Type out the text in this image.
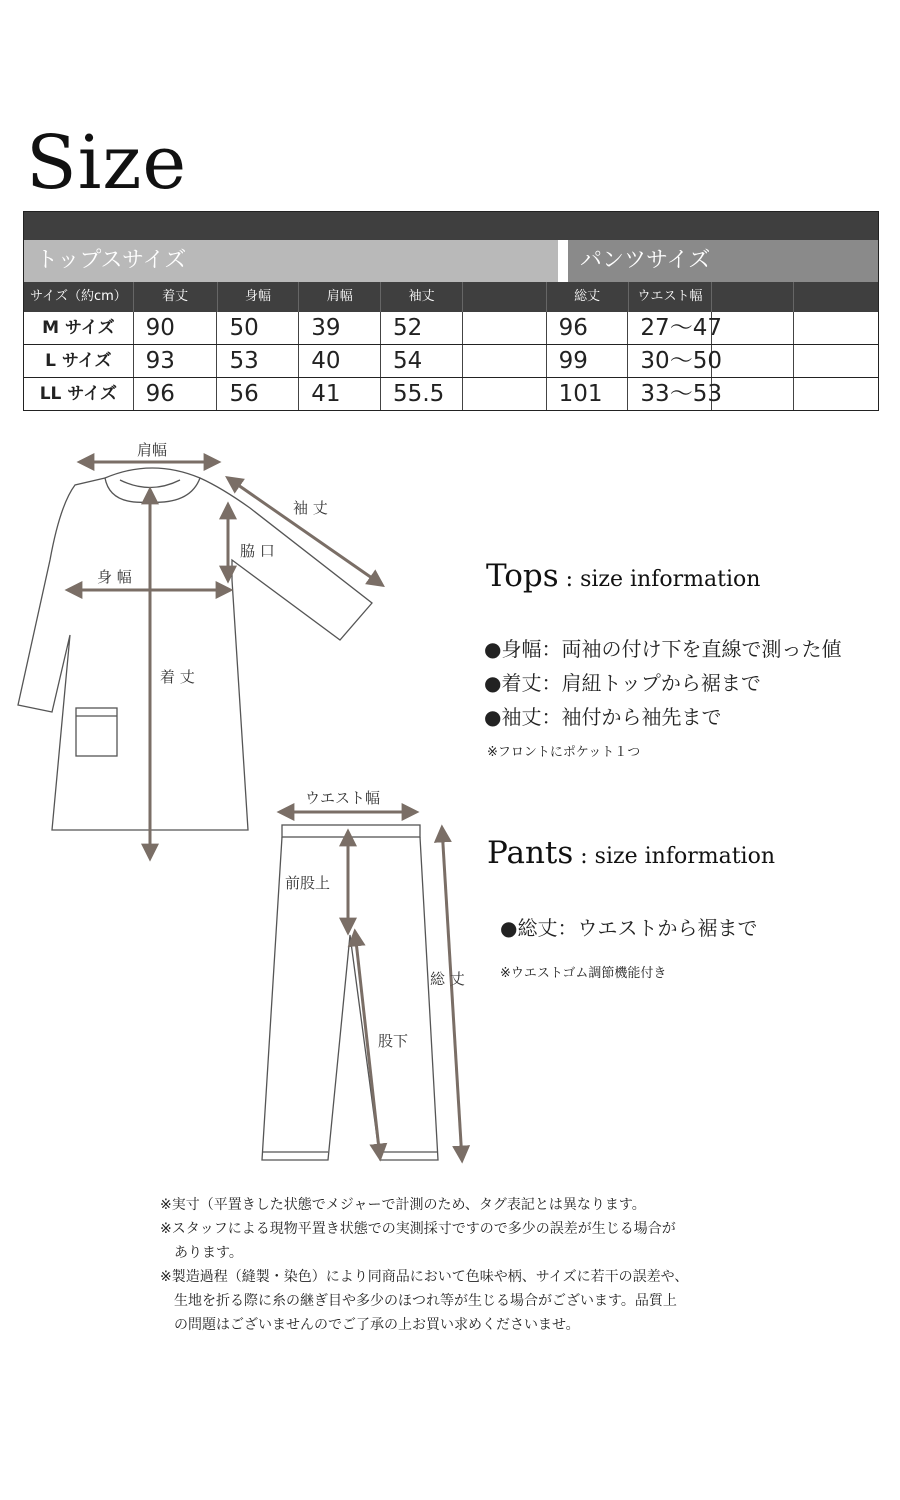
Size
トップスサイズ	パンツサイズ
サイズ（約cm）	着丈	身幅	肩幅	袖丈	総丈	ウエスト幅
M サイズ	90	50	39	52	96	27～47
L サイズ	93	53	40	54	99	30～50
LL サイズ	96	56	41	55.5	101	33～53
肩幅
袖 丈
脇 口
身 幅
着 丈
ウエスト幅
前股上
総 丈
股下
Tops : size information
●身幅：両袖の付け下を直線で測った値
●着丈：肩紐トップから裾まで
●袖丈：袖付から袖先まで
※フロントにポケット１つ
Pants : size information
●総丈：ウエストから裾まで
※ウエストゴム調節機能付き
※実寸（平置きした状態でメジャーで計測のため、タグ表記とは異なります。
※スタッフによる現物平置き状態での実測採寸ですので多少の誤差が生じる場合が
　あります。
※製造過程（縫製・染色）により同商品において色味や柄、サイズに若干の誤差や、
　生地を折る際に糸の継ぎ目や多少のほつれ等が生じる場合がございます。品質上
　の問題はございませんのでご了承の上お買い求めくださいませ。
